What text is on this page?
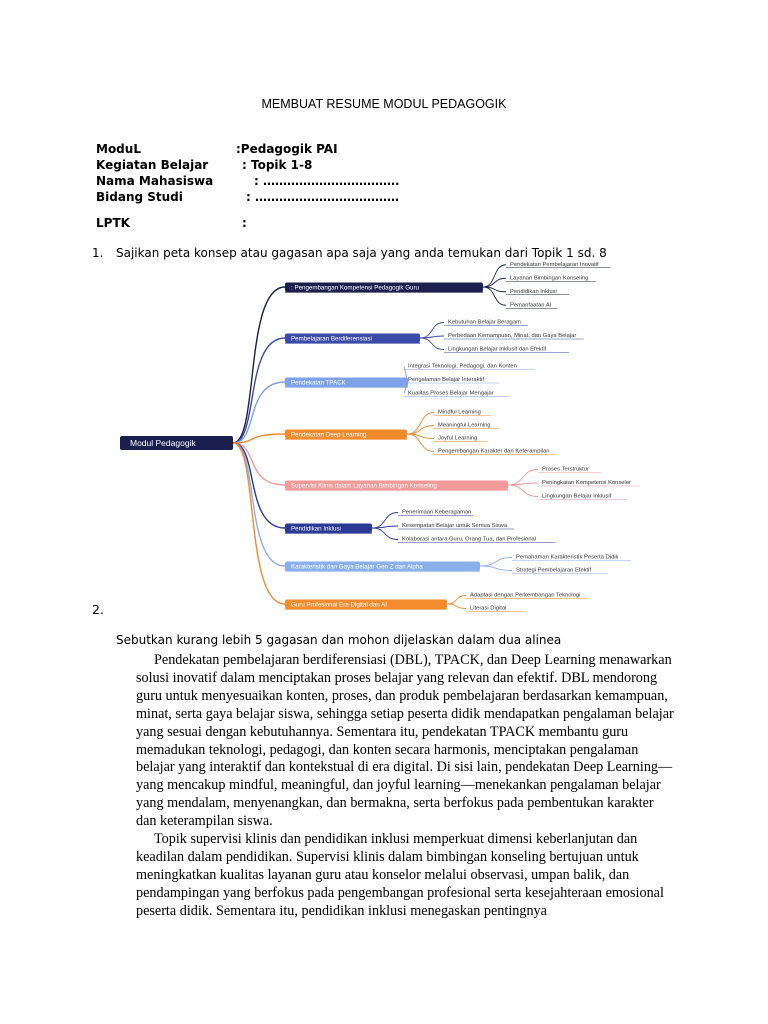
MEMBUAT RESUME MODUL PEDAGOGIK
ModuL	:Pedagogik PAI
Kegiatan Belajar	: Topik 1-8
Nama Mahasiswa	: …………………………….
Bidang Studi	: ………………………………
LPTK	:
1. Sajikan peta konsep atau gagasan apa saja yang anda temukan dari Topik 1 sd. 8
: Pengembangan Kompetensi Pedagogik Guru
Pendekatan Pembelajaran Inovatif
Layanan Bimbingan Konseling
Pendidikan Inklusi
Pemanfaatan AI
Pembelajaran Berdiferensiasi
Kebutuhan Belajar Beragam
Perbedaan Kemampuan, Minat, dan Gaya Belajar
Lingkungan Belajar Inklusif dan Efektif
Pendekatan TPACK
Integrasi Teknologi, Pedagogi, dan Konten
Pengalaman Belajar Interaktif
Kualitas Proses Belajar Mengajar
Pendekatan Deep Learning
Mindful Learning
Meaningful Learning
Joyful Learning
Pengembangan Karakter dan Keterampilan
Supervisi Klinis dalam Layanan Bimbingan Konseling
Proses Terstruktur
Peningkatan Kompetensi Konselor
Lingkungan Belajar Inklusif
Pendidikan Inklusi
Penerimaan Keberagaman
Kesempatan Belajar untuk Semua Siswa
Kolaborasi antara Guru, Orang Tua, dan Profesional
Karakteristik dan Gaya Belajar Gen Z dan Alpha
Pemahaman Karakteristik Peserta Didik
Strategi Pembelajaran Efektif
Guru Profesional Era Digital dan AI
Adaptasi dengan Perkembangan Teknologi
Literasi Digital
Modul Pedagogik
2.
Sebutkan kurang lebih 5 gagasan dan mohon dijelaskan dalam dua alinea

Pendekatan pembelajaran berdiferensiasi (DBL), TPACK, dan Deep Learning menawarkan solusi inovatif dalam menciptakan proses belajar yang relevan dan efektif. DBL mendorong guru untuk menyesuaikan konten, proses, dan produk pembelajaran berdasarkan kemampuan, minat, serta gaya belajar siswa, sehingga setiap peserta didik mendapatkan pengalaman belajar yang sesuai dengan kebutuhannya. Sementara itu, pendekatan TPACK membantu guru memadukan teknologi, pedagogi, dan konten secara harmonis, menciptakan pengalaman belajar yang interaktif dan kontekstual di era digital. Di sisi lain, pendekatan Deep Learning—yang mencakup mindful, meaningful, dan joyful learning—menekankan pengalaman belajar yang mendalam, menyenangkan, dan bermakna, serta berfokus pada pembentukan karakter dan keterampilan siswa.

Topik supervisi klinis dan pendidikan inklusi memperkuat dimensi keberlanjutan dan keadilan dalam pendidikan. Supervisi klinis dalam bimbingan konseling bertujuan untuk meningkatkan kualitas layanan guru atau konselor melalui observasi, umpan balik, dan pendampingan yang berfokus pada pengembangan profesional serta kesejahteraan emosional peserta didik. Sementara itu, pendidikan inklusi menegaskan pentingnya
